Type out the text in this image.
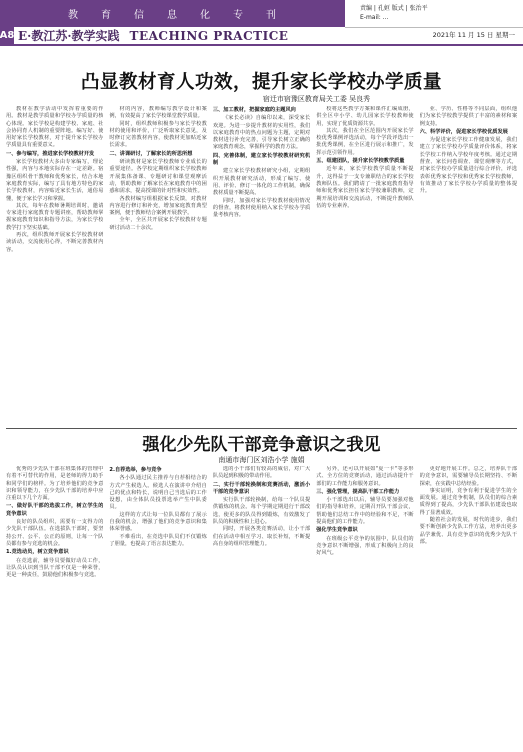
教 育 信 息 化 专 刊
责编 | 孔姮 版式 | 张治平
E-mail: ...
A8 E·教江苏·教学实践 TEACHING PRACTICE	2021年 11 月 15 日 星期一
凸显教材育人功效，提升家长学校办学质量
宿迁市宿豫区教育局关工委 吴良秀

教材在教学活动中发挥着重要的作用。教材是教学质量和学校办学质量的核心体现。家长学校是构建学校、家庭、社会协同育人机制的重要阵地。编写好、使用好家长学校教材，对于提升家长学校办学质量具有重要意义。

一、参与编写，推进家长学校教材开发

家长学校教材大多由专家编写，理论性强，内容与本地实际存在一定差距。宿豫区组织骨干教师和优秀家长，结合本地家庭教育实际，编写了具有地方特色的家长学校教材，内容贴近家长生活，通俗易懂，便于家长学习和掌握。

其次，每年在教师暑期培训时，邀请专家进行家庭教育专题讲座，帮助教师掌握家庭教育知识和指导方法，为家长学校教学打下坚实基础。

再次，组织教师开展家长学校教材研读活动，交流使用心得，不断完善教材内容。

材的内容，教师编写教学设计和案例，有效提高了家长学校课堂教学质量。

同时，组织教师积极参与家长学校教材的使用和评价，广泛听取家长意见，及时修订完善教材内容，使教材更加贴近家长需求。

二、讲课研讨，了解家长的所思所想

研读教材是家长学校教师专业成长的重要途径。各学校定期组织家长学校教师开展集体备课、专题研讨和课堂观摩活动，帮助教师了解家长在家庭教育中的困惑和需求，提高授课的针对性和实效性。

各教材编写组根据家长反馈，对教材内容进行修订和补充，增加家庭教育典型案例，便于教师结合案例开展教学。

全年，全区共开展家长学校教材专题研讨活动二十余次。

三、加工教材，把握家庭的主题风向

《家长必读》自编印以来，深受家长欢迎。为进一步提升教材的实用性，我们以家庭教育中的热点问题为主题，定期对教材进行补充完善，引导家长树立正确的家庭教育观念，掌握科学的教育方法。

四、完善体制，建立家长学校教材研究机制

建立家长学校教材研究小组，定期组织开展教材研究活动，形成了编写、使用、评价、修订一体化的工作机制，确保教材质量不断提高。

同时，加强对家长学校教材使用情况的督查，将教材使用纳入家长学校办学质量考核内容。

校将这些教学方案和课件汇编成册，供全区中小学、幼儿园家长学校教师使用，实现了优质资源共享。

其次，我们在全区范围内开展家长学校优秀课例评选活动，每个学段评选出一批优秀课例，在全区进行展示和推广，发挥示范引领作用。

五、组建团队，提升家长学校教学质量

近年来，家长学校教学质量不断提升，这得益于一支专兼职结合的家长学校教师队伍。我们聘请了一批家庭教育指导师和优秀家长担任家长学校兼职教师，定期开展培训和交流活动，不断提升教师队伍的专业素养。

业、学历、性格等不同层面，组织他们为家长学校教学提供了丰富的素材和案例支持。

六、科学评价，促进家长学校优质发展

为促进家长学校工作健康发展，我们建立了家长学校办学质量评价体系，将家长学校工作纳入学校年度考核。通过定期督查、家长问卷调查、课堂观摩等方式，对家长学校办学质量进行综合评价，评选表彰优秀家长学校和优秀家长学校教师，有效推动了家长学校办学质量的整体提升。

强化少先队干部竞争意识之我见
南通市海门区刘浩小学 施娟

优秀的少先队干部在班集体的管理中有着不可替代的作用，是老师的得力助手和同学们的榜样。为了培养他们的竞争意识和领导能力，在少先队干部的培养中应注重以下几个方面。

一、做好队干部的选拔工作，树立学生的竞争意识

良好的队员组织，需要有一支得力的少先队干部队伍。在选拔队干部时，要坚持公开、公平、公正的原则，让每一个队员都有参与竞选的机会。

1.竞选动员，树立竞争意识

在竞选前，辅导员要做好动员工作，让队员认识到当队干部不仅是一种荣誉，更是一种责任，鼓励他们积极参与竞选。

2.自荐选举，参与竞争

各小队通过民主推荐与自荐相结合的方式产生候选人。候选人在演讲中介绍自己的优点和特长，说明自己当选后的工作设想，由全体队员投票选举产生中队委员。

这样的方式让每一位队员都有了展示自我的机会，增强了他们的竞争意识和集体荣誉感。

不难看出，在竞选中队员们不仅锻炼了胆量，也提高了语言表达能力。

选的小干部们有较高的威信，对广大队员起到积极的带动作用。

二、实行干部轮换制和竞赛活动，激活小干部的竞争意识

实行队干部轮换制，给每一个队员提供锻炼的机会。每个学期定期进行干部改选，使更多的队员得到锻炼，有效激发了队员的积极性和上进心。

同时，开展各类竞赛活动，让小干部们在活动中相互学习、取长补短，不断提高自身的组织管理能力。

另外，还可以开展如"夏一卡"等多形式、全方位的竞赛活动，通过活动提升干部们的工作能力和服务意识。

三、强化管理，提高队干部工作能力

小干部选出以后，辅导员要加强对他们的指导和培养，定期召开队干部会议，帮助他们总结工作中的经验和不足，不断提高他们的工作能力。

强化学生竞争意识

在班级公平竞争的氛围中，队员们的竞争意识不断增强，形成了积极向上的良好风气。

更好地开展工作。总之，培养队干部的竞争意识，需要辅导员长期坚持、不断探索，在实践中总结经验。

事实证明，竞争有利于促进学生的全面发展。通过竞争机制，队员们的综合素质得到了提高，少先队干部队伍建设也取得了显著成效。

随着社会的发展，时代的进步，我们要不断创新少先队工作方法，培养出更多品学兼优、具有竞争意识的优秀少先队干部。
